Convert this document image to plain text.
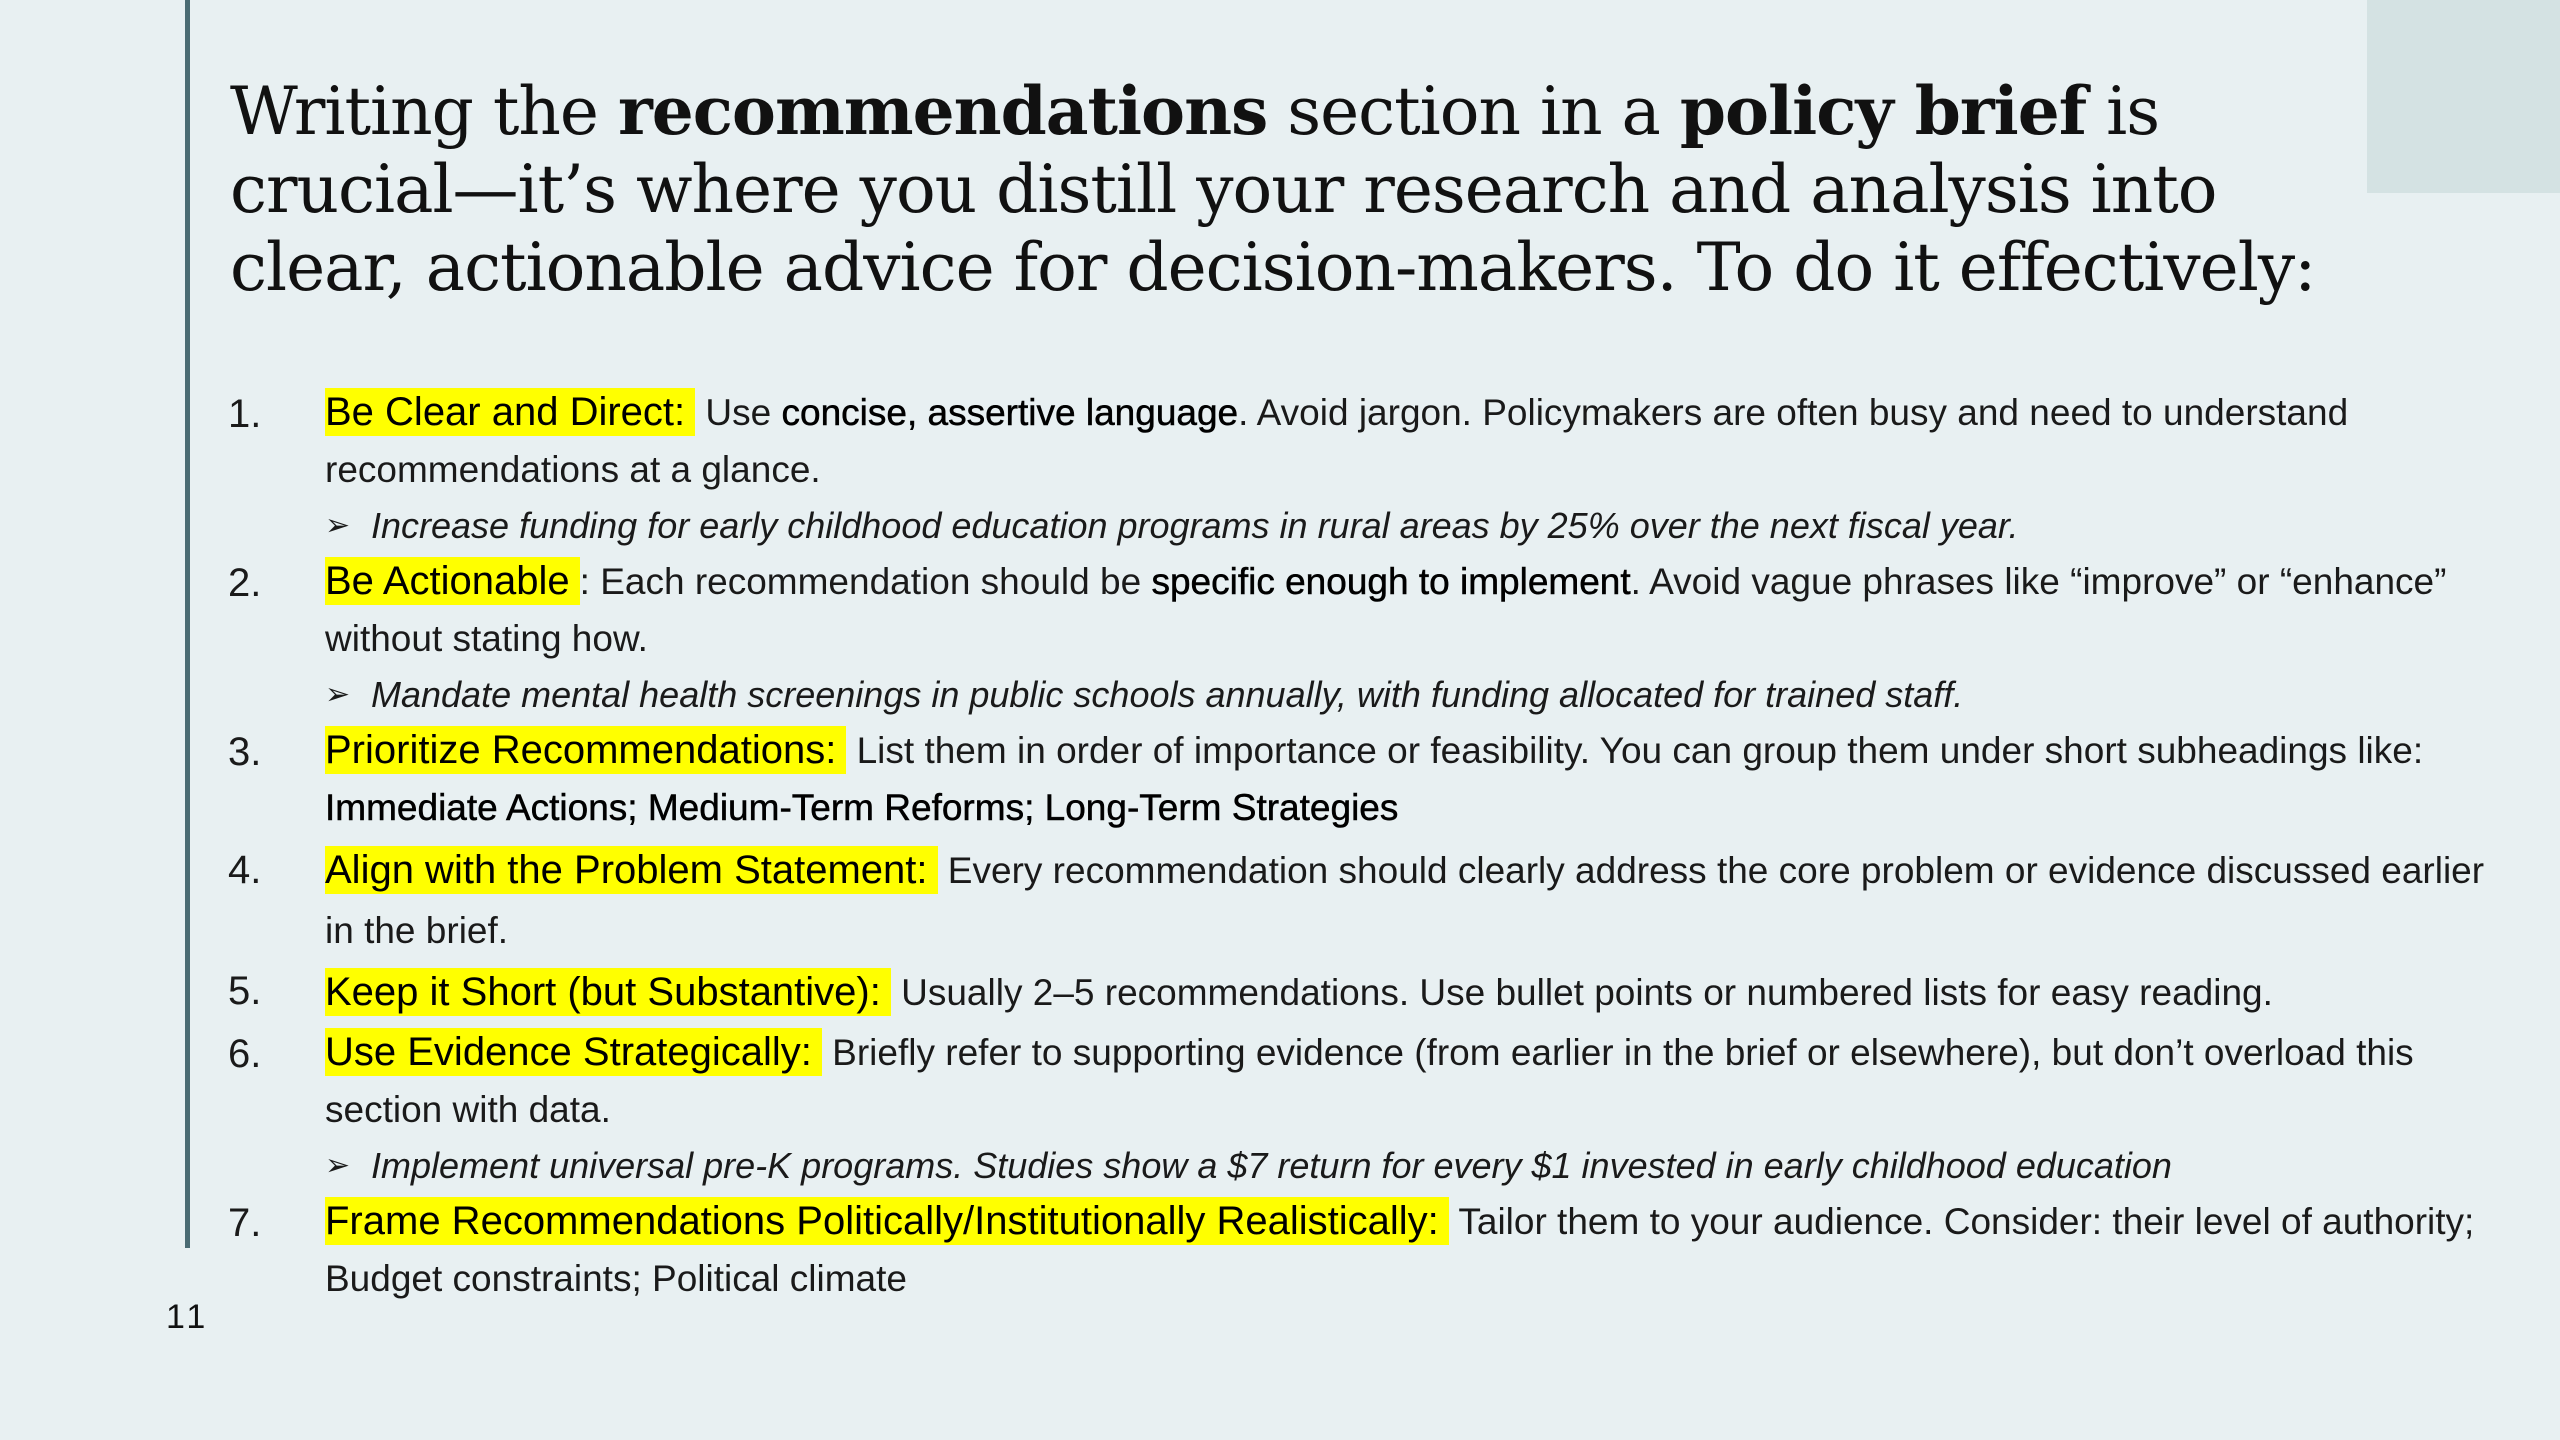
Writing the recommendations section in a policy brief is crucial—it’s where you distill your research and analysis into clear, actionable advice for decision-makers. To do it effectively:
1. Be Clear and Direct: Use concise, assertive language. Avoid jargon. Policymakers are often busy and need to understand recommendations at a glance.

➢ Increase funding for early childhood education programs in rural areas by 25% over the next fiscal year.
2. Be Actionable : Each recommendation should be specific enough to implement. Avoid vague phrases like “improve” or “enhance” without stating how.

➢ Mandate mental health screenings in public schools annually, with funding allocated for trained staff.
3. Prioritize Recommendations: List them in order of importance or feasibility. You can group them under short subheadings like: Immediate Actions; Medium-Term Reforms; Long-Term Strategies

4. Align with the Problem Statement: Every recommendation should clearly address the core problem or evidence discussed earlier in the brief.

5. Keep it Short (but Substantive): Usually 2–5 recommendations. Use bullet points or numbered lists for easy reading.

6. Use Evidence Strategically: Briefly refer to supporting evidence (from earlier in the brief or elsewhere), but don’t overload this section with data.

➢ Implement universal pre-K programs. Studies show a $7 return for every $1 invested in early childhood education
7. Frame Recommendations Politically/Institutionally Realistically: Tailor them to your audience. Consider: their level of authority; Budget constraints; Political climate

11
